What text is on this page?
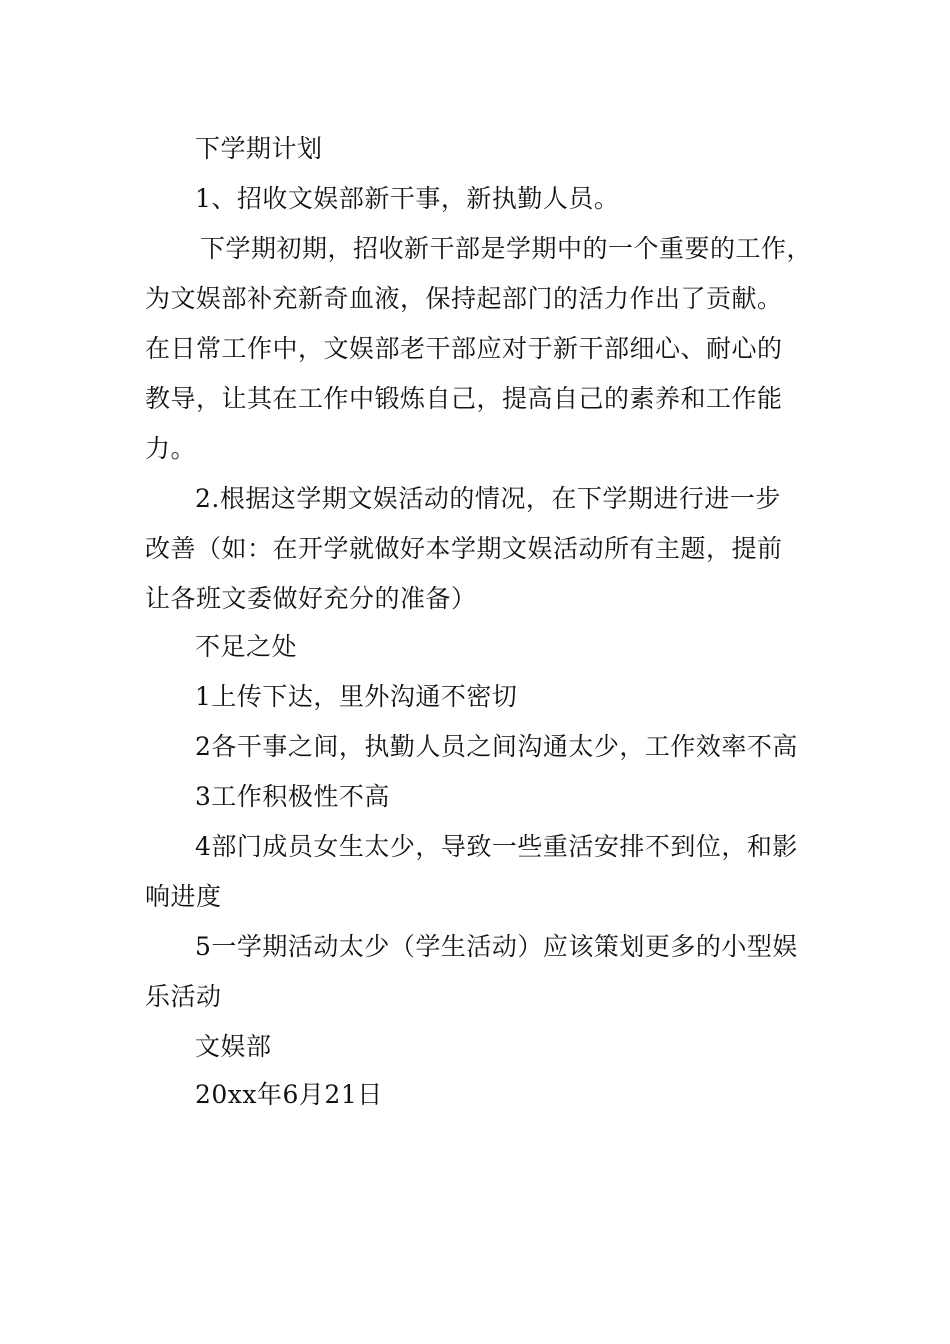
下学期计划
1、招收文娱部新干事，新执勤人员。
下学期初期，招收新干部是学期中的一个重要的工作，
为文娱部补充新奇血液，保持起部门的活力作出了贡献。
在日常工作中，文娱部老干部应对于新干部细心、耐心的
教导，让其在工作中锻炼自己，提高自己的素养和工作能
力。
2.根据这学期文娱活动的情况，在下学期进行进一步
改善（如：在开学就做好本学期文娱活动所有主题，提前
让各班文委做好充分的准备）
不足之处
1上传下达，里外沟通不密切
2各干事之间，执勤人员之间沟通太少，工作效率不高
3工作积极性不高
4部门成员女生太少，导致一些重活安排不到位，和影
响进度
5一学期活动太少（学生活动）应该策划更多的小型娱
乐活动
文娱部
20xx年6月21日
